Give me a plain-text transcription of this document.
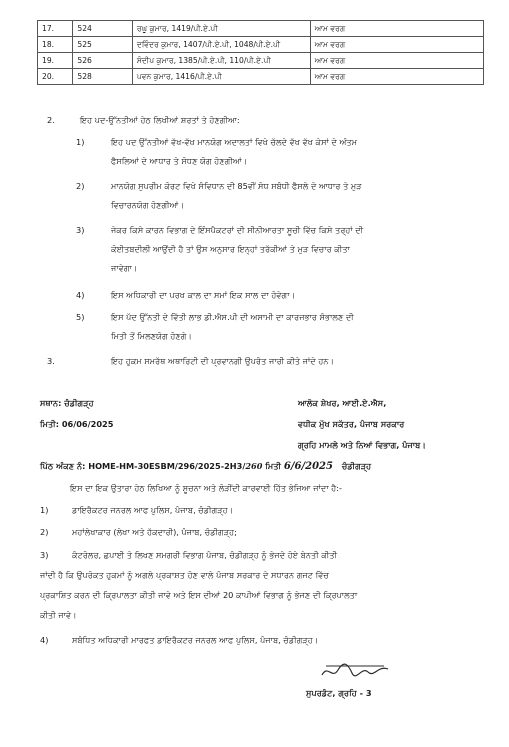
17.	524	ਰਘੂ ਕੁਮਾਰ, 1419/ਪੀ.ਏ.ਪੀ	ਆਮ ਵਰਗ
18.	525	ਦਵਿੰਦਰ ਕੁਮਾਰ, 1407/ਪੀ.ਏ.ਪੀ, 1048/ਪੀ.ਏ.ਪੀ	ਆਮ ਵਰਗ
19.	526	ਸੰਦੀਪ ਕੁਮਾਰ, 1385/ਪੀ.ਏ.ਪੀ, 110/ਪੀ.ਏ.ਪੀ	ਆਮ ਵਰਗ
20.	528	ਪਵਨ ਕੁਮਾਰ, 1416/ਪੀ.ਏ.ਪੀ	ਆਮ ਵਰਗ
2.	ਇਹ ਪਦ-ਉੱਨਤੀਆਂ ਹੇਠ ਲਿਖੀਆਂ ਸ਼ਰਤਾਂ ਤੇ ਹੋਣਗੀਆ:
1)	ਇਹ ਪਦ ਉੱਨਤੀਆਂ ਵੱਖ-ਵੱਖ ਮਾਨਯੋਗ ਅਦਾਲਤਾਂ ਵਿਖੇ ਚੱਲਦੇ ਵੱਖ ਵੱਖ ਕੇਸਾਂ ਦੇ ਅੰਤਮ
ਫੈਸਲਿਆਂ ਦੇ ਆਧਾਰ ਤੇ ਸੋਧਣ ਯੋਗ ਹੋਣਗੀਆਂ।
2)	ਮਾਨਯੋਗ ਸੁਪਰੀਮ ਕੋਰਟ ਵਿਖੇ ਸੰਵਿਧਾਨ ਦੀ 85ਵੀਂ ਸੋਧ ਸਬੰਧੀ ਫੈਸਲੇ ਦੇ ਆਧਾਰ ਤੇ ਮੁੜ
ਵਿਚਾਰਨਯੋਗ ਹੋਣਗੀਆਂ।
3)	ਜੇਕਰ ਕਿਸੇ ਕਾਰਨ ਵਿਭਾਗ ਦੇ ਇੰਸਪੈਕਟਰਾਂ ਦੀ ਸੀਨੀਆਰਤਾ ਸੂਚੀ ਵਿੱਚ ਕਿਸੇ ਤਰ੍ਹਾਂ ਦੀ
ਕੋਈਤਬਦੀਲੀ ਆਉਂਦੀ ਹੈ ਤਾਂ ਉਸ ਅਨੁਸਾਰ ਇਨ੍ਹਾਂ ਤਰੱਕੀਆਂ ਤੇ ਮੁੜ ਵਿਚਾਰ ਕੀਤਾ
ਜਾਵੇਗਾ।
4)	ਇਸ ਅਧਿਕਾਰੀ ਦਾ ਪਰਖ ਕਾਲ ਦਾ ਸਮਾਂ ਇਕ ਸਾਲ ਦਾ ਹੋਵੇਗਾ।
5)	ਇਸ ਪੱਦ ਉੱਨਤੀ ਦੇ ਵਿੱਤੀ ਲਾਭ ਡੀ.ਐਸ.ਪੀ ਦੀ ਅਸਾਮੀ ਦਾ ਕਾਰਜਭਾਰ ਸੰਭਾਲਣ ਦੀ
ਮਿਤੀ ਤੋਂ ਮਿਲਣਯੋਗ ਹੋਣਗੇ।
3.	ਇਹ ਹੁਕਮ ਸਮਰੱਥ ਅਥਾਰਿਟੀ ਦੀ ਪ੍ਰਵਾਨਗੀ ਉਪਰੰਤ ਜਾਰੀ ਕੀਤੇ ਜਾਂਦੇ ਹਨ।
ਸਥਾਨ: ਚੰਡੀਗੜ੍ਹ
ਮਿਤੀ: 06/06/2025
ਆਲੋਕ ਸ਼ੇਖਰ, ਆਈ.ਏ.ਐਸ,
ਵਧੀਕ ਮੁੱਖ ਸਕੱਤਰ, ਪੰਜਾਬ ਸਰਕਾਰ
ਗ੍ਰਹਿ ਮਾਮਲੇ ਅਤੇ ਨਿਆਂ ਵਿਭਾਗ, ਪੰਜਾਬ।
ਪਿੱਠ ਅੰਕਣ ਨੰ: HOME-HM-30ESBM/296/2025-2H3/260 ਮਿਤੀ 6/6/2025 ਚੰਡੀਗੜ੍ਹ
ਇਸ ਦਾ ਇਕ ਉਤਾਰਾ ਹੇਠ ਲਿਖਿਆ ਨੂੰ ਸੂਚਨਾ ਅਤੇ ਲੋੜੀਂਦੀ ਕਾਰਵਾਈ ਹਿੱਤ ਭੇਜਿਆ ਜਾਂਦਾ ਹੈ:-
1)	ਡਾਇਰੈਕਟਰ ਜਨਰਲ ਆਫ ਪੁਲਿਸ, ਪੰਜਾਬ, ਚੰਡੀਗੜ੍ਹ।
2)	ਮਹਾਂਲੇਖਾਕਾਰ (ਲੇਖਾ ਅਤੇ ਹੱਕਦਾਰੀ), ਪੰਜਾਬ, ਚੰਡੀਗੜ੍ਹ;
3)	ਕੰਟਰੋਲਰ, ਛਪਾਈ ਤੇ ਲਿਖਣ ਸਮਗਰੀ ਵਿਭਾਗ ਪੰਜਾਬ, ਚੰਡੀਗੜ੍ਹ ਨੂੰ ਭੇਜਦੇ ਹੋਏ ਬੇਨਤੀ ਕੀਤੀ
ਜਾਂਦੀ ਹੈ ਕਿ ਉਪਰੋਕਤ ਹੁਕਮਾਂ ਨੂੰ ਅਗਲੇ ਪ੍ਰਕਾਸ਼ਤ ਹੋਣ ਵਾਲੇ ਪੰਜਾਬ ਸਰਕਾਰ ਦੇ ਸਧਾਰਨ ਗਜਟ ਵਿੱਚ
ਪ੍ਰਕਾਸ਼ਿਤ ਕਰਨ ਦੀ ਕ੍ਰਿਪਾਲਤਾ ਕੀਤੀ ਜਾਵੇ ਅਤੇ ਇਸ ਦੀਆਂ 20 ਕਾਪੀਆਂ ਵਿਭਾਗ ਨੂੰ ਭੇਜਣ ਦੀ ਕ੍ਰਿਪਾਲਤਾ
ਕੀਤੀ ਜਾਵੇ।
4)	ਸਬੰਧਿਤ ਅਧਿਕਾਰੀ ਮਾਰਫਤ ਡਾਇਰੈਕਟਰ ਜਨਰਲ ਆਫ ਪੁਲਿਸ, ਪੰਜਾਬ, ਚੰਡੀਗੜ੍ਹ।
ਸੁਪਰਡੰਟ, ਗ੍ਰਹਿ - 3
